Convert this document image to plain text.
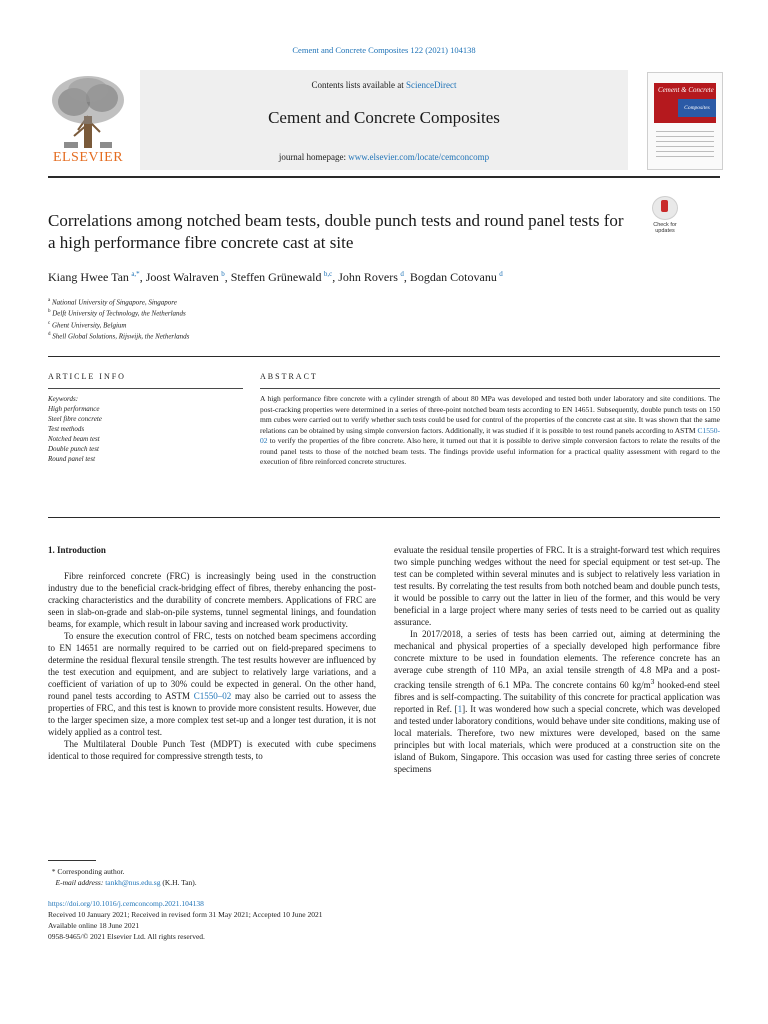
Cement and Concrete Composites 122 (2021) 104138
ELSEVIER
Contents lists available at ScienceDirect
Cement and Concrete Composites
journal homepage: www.elsevier.com/locate/cemconcomp
Cement & Concrete
Composites
Correlations among notched beam tests, double punch tests and round panel tests for a high performance fibre concrete cast at site
Check for
updates
Kiang Hwee Tan  $^{a,*}$, Joost Walraven  $^b$, Steffen Grünewald  $^{b,c}$, John Rovers  $^d$, Bogdan Cotovanu  $^d$
$^a$ National University of Singapore, Singapore
$^b$ Delft University of Technology, the Netherlands
$^c$ Ghent University, Belgium
$^d$ Shell Global Solutions, Rijswijk, the Netherlands
ARTICLE INFO	ABSTRACT
Keywords:
High performance
Steel fibre concrete
Test methods
Notched beam test
Double punch test
Round panel test
A high performance fibre concrete with a cylinder strength of about 80 MPa was developed and tested both under laboratory and site conditions. The post-cracking properties were determined in a series of three-point notched beam tests according to EN 14651. Subsequently, double punch tests on 150 mm cubes were carried out to verify whether such tests could be used for control of the properties of the concrete cast at site. It was shown that the same relations can be obtained by using simple conversion factors. Additionally, it was studied if it is possible to test round panels according to ASTM C1550-02 to verify the properties of the fibre concrete. Also here, it turned out that it is possible to derive simple conversion factors to relate the results of the round panel tests to those of the notched beam tests. The findings provide useful information for a practical quality assessment with regard to the execution of fibre reinforced concrete structures.

1. Introduction

Fibre reinforced concrete (FRC) is increasingly being used in the construction industry due to the beneficial crack-bridging effect of fibres, thereby enhancing the post-cracking characteristics and the durability of concrete members. Applications of FRC are seen in slab-on-grade and slab-on-pile systems, tunnel segmental linings, and foundation beams, for example, which result in labour saving and increased work productivity.

To ensure the execution control of FRC, tests on notched beam specimens according to EN 14651 are normally required to be carried out on field-prepared specimens to determine the residual flexural tensile strength. The test results however are influenced by the test execution and equipment, and are subject to relatively large variations, and a coefficient of variation of up to 30% could be expected in general. On the other hand, round panel tests according to ASTM C1550–02 may also be carried out to assess the properties of FRC, and this test is known to provide more consistent results. However, due to the larger specimen size, a more complex test set-up and a longer test duration, it is not widely applied as a control test.

The Multilateral Double Punch Test (MDPT) is executed with cube specimens identical to those required for compressive strength tests, to

evaluate the residual tensile properties of FRC. It is a straight-forward test which requires two simple punching wedges without the need for special equipment or test set-up. The test can be completed within several minutes and is subject to relatively less variation in test results. By correlating the test results from both notched beam and double punch tests, it would be possible to carry out the latter in lieu of the former, and this would be very beneficial in a large project where many series of tests need to be carried out as quality assurance.

In 2017/2018, a series of tests has been carried out, aiming at determining the mechanical and physical properties of a specially developed high performance fibre concrete mixture to be used in foundation elements. The reference concrete has an average cube strength of 110 MPa, an axial tensile strength of 4.8 MPa and a post-cracking tensile strength of 6.1 MPa. The concrete contains 60 $kg/m^3$ hooked-end steel fibres and is self-compacting. The suitability of this concrete for practical application was reported in Ref. [1]. It was wondered how such a special concrete, which was developed and tested under laboratory conditions, would behave under site conditions, making use of local materials. Therefore, two new mixtures were developed, based on the same principles but with local materials, which were produced at a construction site on the island of Bukom, Singapore. This occasion was used for casting three series of concrete specimens

* Corresponding author.
E-mail address: tankh@nus.edu.sg (K.H. Tan).
https://doi.org/10.1016/j.cemconcomp.2021.104138
Received 10 January 2021; Received in revised form 31 May 2021; Accepted 10 June 2021
Available online 18 June 2021
0958-9465/© 2021 Elsevier Ltd. All rights reserved.
